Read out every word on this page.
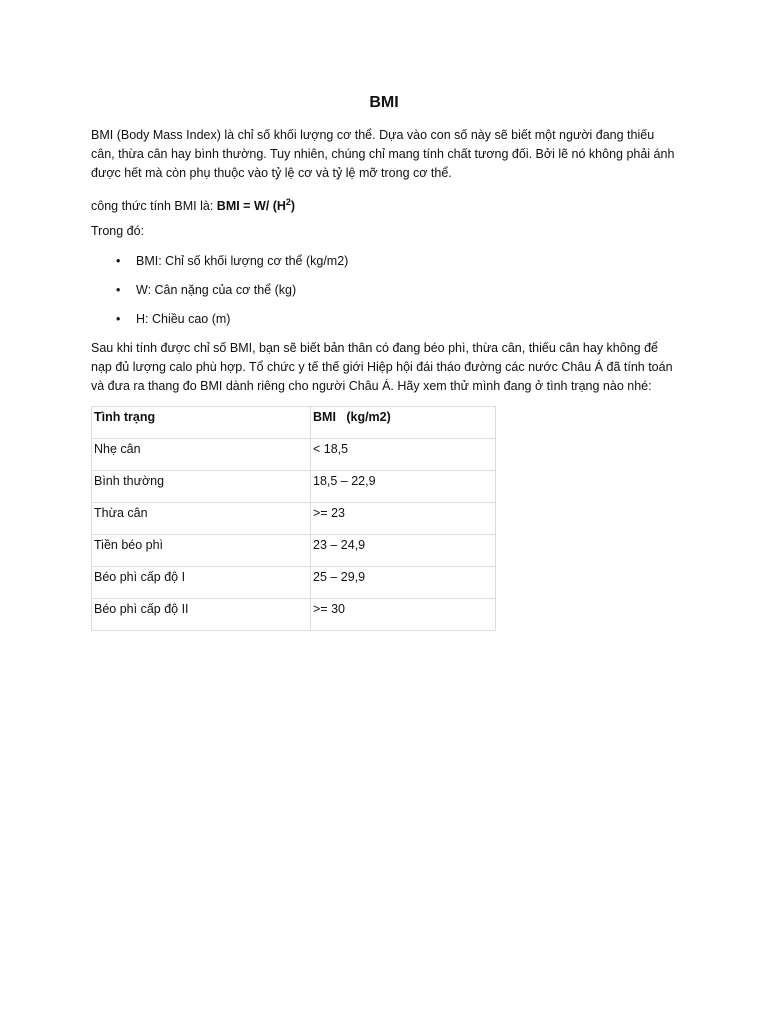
BMI

BMI (Body Mass Index) là chỉ số khối lượng cơ thể. Dựa vào con số này sẽ biết một người đang thiếu cân, thừa cân hay bình thường. Tuy nhiên, chúng chỉ mang tính chất tương đối. Bởi lẽ nó không phải ánh được hết mà còn phụ thuộc vào tỷ lệ cơ và tỷ lệ mỡ trong cơ thể.

công thức tính BMI là: BMI = W/ $(H^2)$

Trong đó:

• BMI: Chỉ số khối lượng cơ thể (kg/m2)
• W: Cân nặng của cơ thể (kg)
• H: Chiều cao (m)

Sau khi tính được chỉ số BMI, bạn sẽ biết bản thân có đang béo phì, thừa cân, thiếu cân hay không để nạp đủ lượng calo phù hợp. Tổ chức y tế thế giới Hiệp hội đái tháo đường các nước Châu Á đã tính toán và đưa ra thang đo BMI dành riêng cho người Châu Á. Hãy xem thử mình đang ở tình trạng nào nhé:

Tình trạng	BMI   (kg/m2)
Nhẹ cân	< 18,5
Bình thường	18,5 – 22,9
Thừa cân	>= 23
Tiền béo phì	23 – 24,9
Béo phì cấp độ I	25 – 29,9
Béo phì cấp độ II	>= 30
